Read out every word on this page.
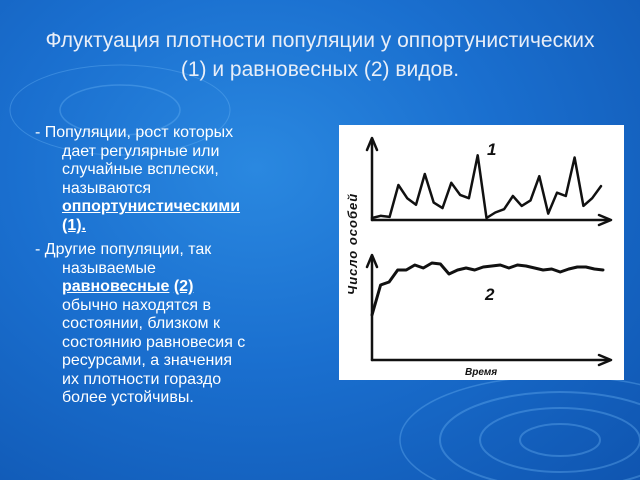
Флуктуация плотности популяции у оппортунистических (1) и равновесных (2) видов.
- Популяции, рост которых
дает регулярные или
случайные всплески,
называются
оппортунистическими
(1).
- Другие популяции, так
называемые
равновесные (2)
обычно находятся в
состоянии, близком к
состоянию равновесия с
ресурсами, а значения
их плотности гораздо
более устойчивы.
1
2
Число особей
Время
